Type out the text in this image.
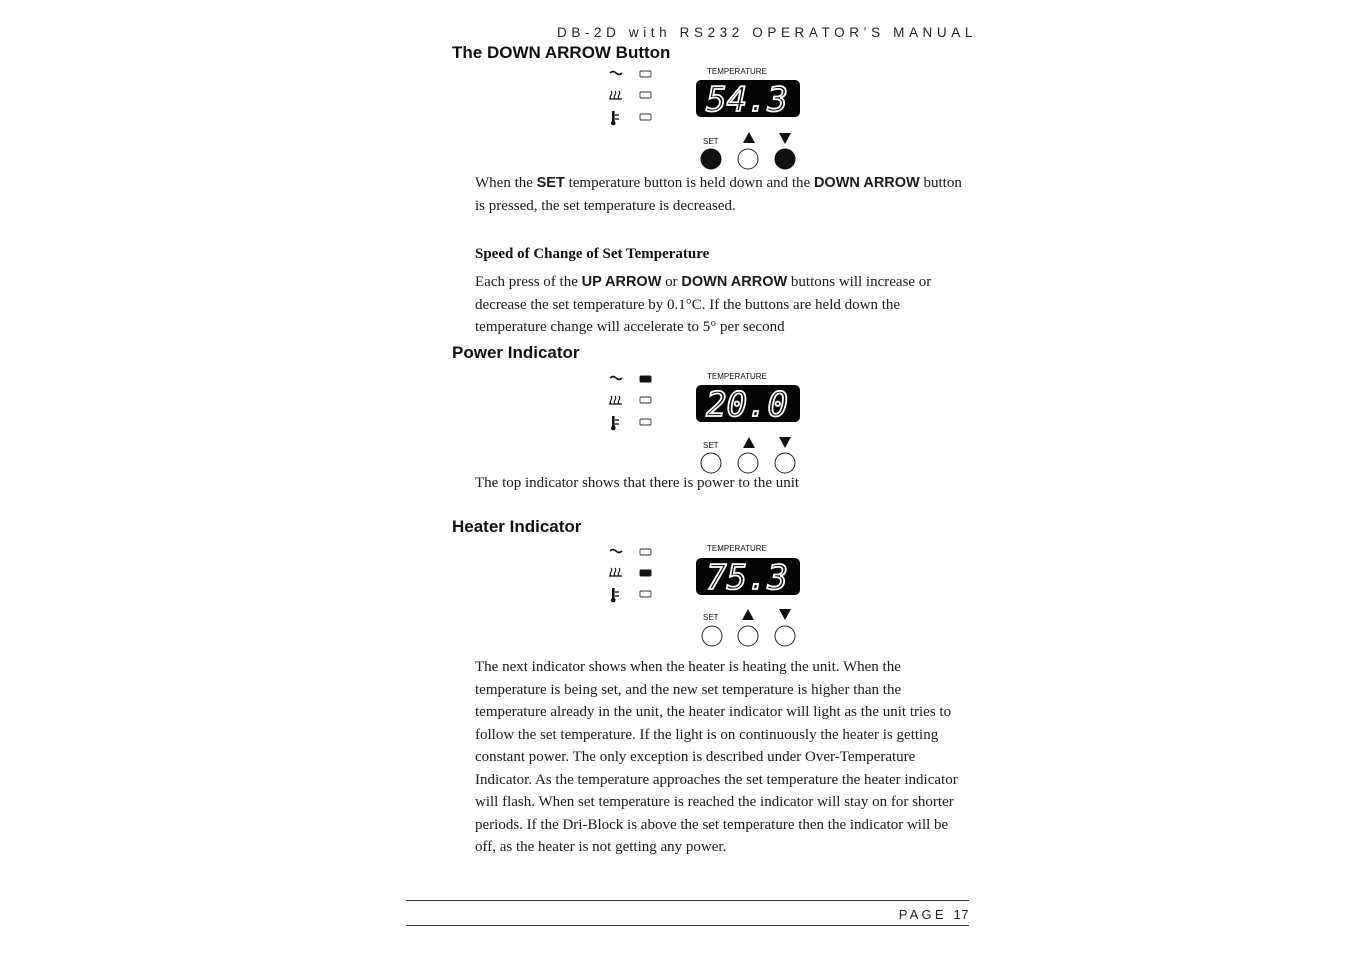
DB-2D with RS232 OPERATOR’S MANUAL
The DOWN ARROW Button
TEMPERATURE
54.3
SET
When the SET temperature button is held down and the DOWN ARROW button is pressed, the set temperature is decreased.
Speed of Change of Set Temperature
Each press of the UP ARROW or DOWN ARROW buttons will increase or decrease the set temperature by 0.1°C. If the buttons are held down the temperature change will accelerate to 5° per second
Power Indicator
TEMPERATURE
20.0
SET
The top indicator shows that there is power to the unit
Heater Indicator
TEMPERATURE
75.3
SET
The next indicator shows when the heater is heating the unit. When the temperature is being set, and the new set temperature is higher than the temperature already in the unit, the heater indicator will light as the unit tries to follow the set temperature. If the light is on continuously the heater is getting constant power. The only exception is described under Over-Temperature Indicator. As the temperature approaches the set temperature the heater indicator will flash. When set temperature is reached the indicator will stay on for shorter periods. If the Dri-Block is above the set temperature then the indicator will be off, as the heater is not getting any power.
PAGE 17
